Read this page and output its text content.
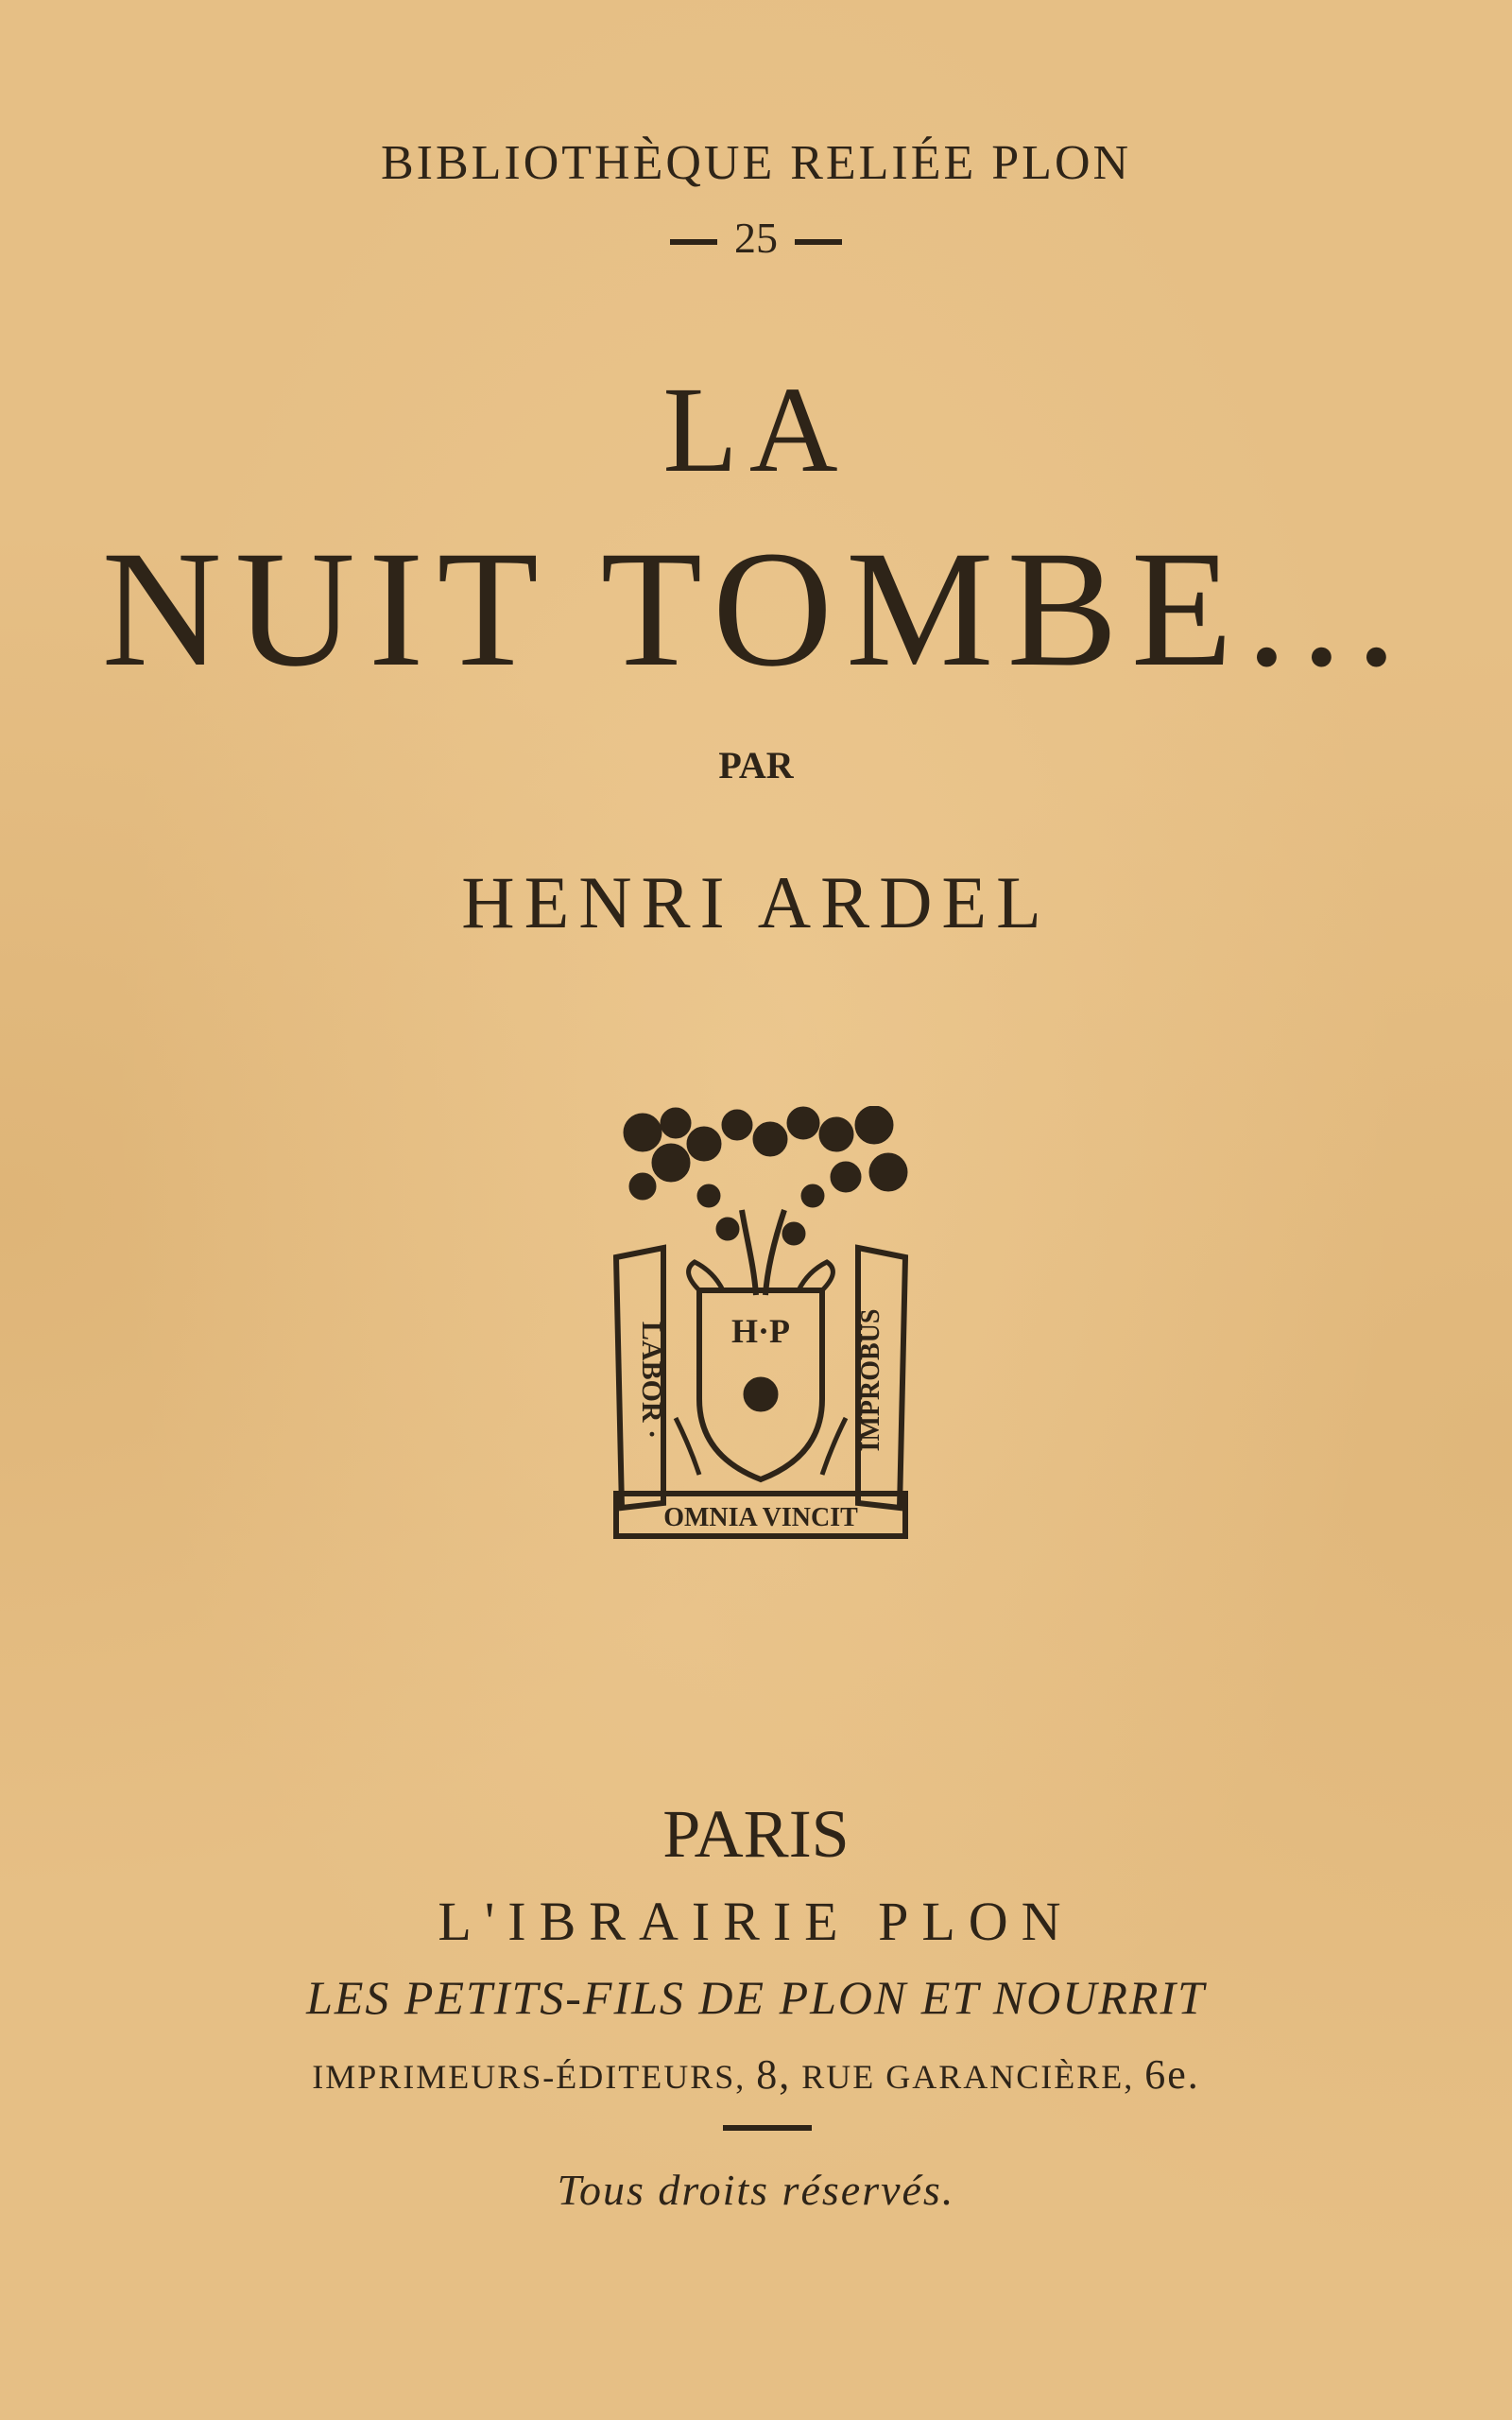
BIBLIOTHÈQUE RELIÉE PLON
25
LA
NUIT TOMBE...
PAR
HENRI ARDEL
H·P
LABOR ·	IMPROBUS
OMNIA VINCIT
PARIS
L'IBRAIRIE PLON
LES PETITS-FILS DE PLON ET NOURRIT
IMPRIMEURS-ÉDITEURS, 8, RUE GARANCIÈRE, 6e.
Tous droits réservés.
